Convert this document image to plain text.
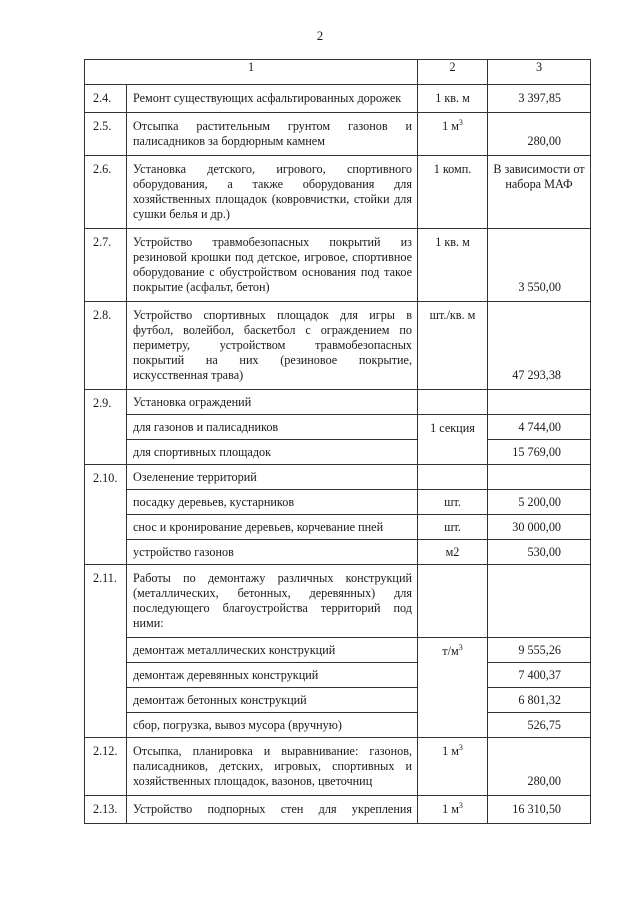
2
1		2	3
2.4.	Ремонт существующих асфальтированных дорожек	1 кв. м	3 397,85
2.5.	Отсыпка растительным грунтом газонов и палисадников за бордюрным камнем	1 $м^3$	280,00
2.6.	Установка детского, игрового, спортивного оборудования, а также оборудования для хозяйственных площадок (ковровчистки, стойки для сушки белья и др.)	1 комп.	В зависимости от набора МАФ
2.7.	Устройство травмобезопасных покрытий из резиновой крошки под детское, игровое, спортивное оборудование с обустройством основания под такое покрытие (асфальт, бетон)	1 кв. м	3 550,00
2.8.	Устройство спортивных площадок для игры в футбол, волейбол, баскетбол с ограждением по периметру, устройством травмобезопасных покрытий на них (резиновое покрытие, искусственная трава)	шт./кв. м	47 293,38
2.9.	Установка ограждений		
	для газонов и палисадников	1 секция	4 744,00
	для спортивных площадок		15 769,00
2.10.	Озеленение территорий		
	посадку деревьев, кустарников	шт.	5 200,00
	снос и кронирование деревьев, корчевание пней	шт.	30 000,00
	устройство газонов	м2	530,00
2.11.	Работы по демонтажу различных конструкций (металлических, бетонных, деревянных) для последующего благоустройства территорий под ними:		
	демонтаж металлических конструкций	$т/м^3$	9 555,26
	демонтаж деревянных конструкций		7 400,37
	демонтаж бетонных конструкций		6 801,32
	сбор, погрузка, вывоз мусора (вручную)		526,75
2.12.	Отсыпка, планировка и выравнивание: газонов, палисадников, детских, игровых, спортивных и хозяйственных площадок, вазонов, цветочниц	1 $м^3$	280,00
2.13.	Устройство подпорных стен для укрепления	1 $м^3$	16 310,50
